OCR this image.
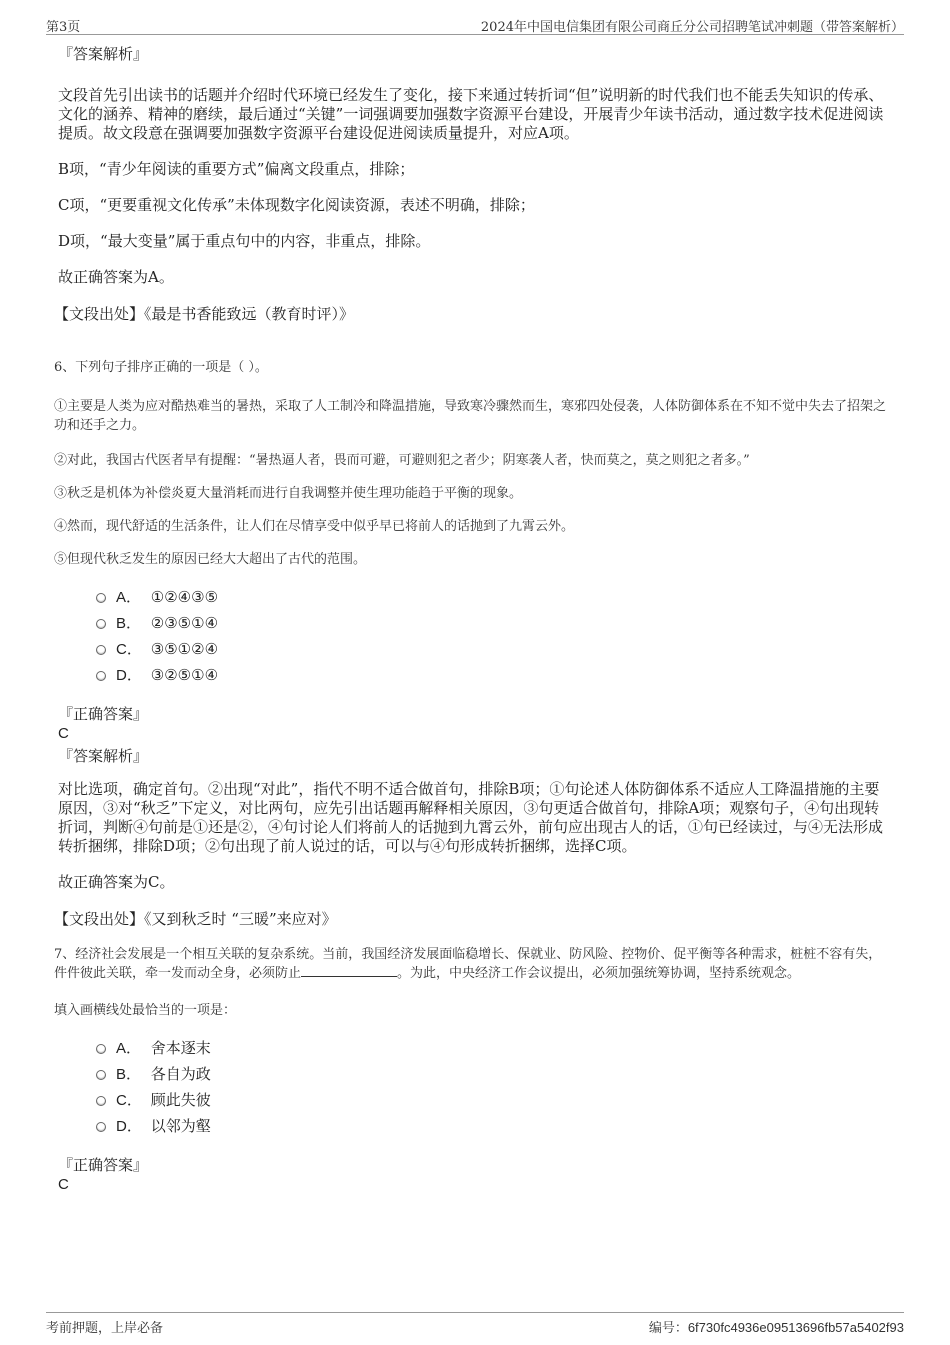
第3页	2024年中国电信集团有限公司商丘分公司招聘笔试冲刺题（带答案解析）
『答案解析』
文段首先引出读书的话题并介绍时代环境已经发生了变化，接下来通过转折词“但”说明新的时代我们也不能丢失知识的传承、文化的涵养、精神的磨续，最后通过“关键”一词强调要加强数字资源平台建设，开展青少年读书活动，通过数字技术促进阅读提质。故文段意在强调要加强数字资源平台建设促进阅读质量提升，对应A项。
B项，“青少年阅读的重要方式”偏离文段重点，排除；
C项，“更要重视文化传承”未体现数字化阅读资源，表述不明确，排除；
D项，“最大变量”属于重点句中的内容，非重点，排除。
故正确答案为A。
【文段出处】《最是书香能致远（教育时评）》
6、下列句子排序正确的一项是（ ）。
①主要是人类为应对酷热难当的暑热，采取了人工制冷和降温措施，导致寒冷骤然而生，寒邪四处侵袭，人体防御体系在不知不觉中失去了招架之功和还手之力。
②对此，我国古代医者早有提醒：“暑热逼人者，畏而可避，可避则犯之者少；阴寒袭人者，快而莫之，莫之则犯之者多。”
③秋乏是机体为补偿炎夏大量消耗而进行自我调整并使生理功能趋于平衡的现象。
④然而，现代舒适的生活条件，让人们在尽情享受中似乎早已将前人的话抛到了九霄云外。
⑤但现代秋乏发生的原因已经大大超出了古代的范围。
A． ①②④③⑤
B． ②③⑤①④
C． ③⑤①②④
D． ③②⑤①④
『正确答案』
C
『答案解析』
对比选项，确定首句。②出现“对此”，指代不明不适合做首句，排除B项；①句论述人体防御体系不适应人工降温措施的主要原因，③对“秋乏”下定义，对比两句，应先引出话题再解释相关原因，③句更适合做首句，排除A项；观察句子，④句出现转折词，判断④句前是①还是②，④句讨论人们将前人的话抛到九霄云外，前句应出现古人的话，①句已经读过，与④无法形成转折捆绑，排除D项；②句出现了前人说过的话，可以与④句形成转折捆绑，选择C项。
故正确答案为C。
【文段出处】《又到秋乏时 “三暖”来应对》
7、经济社会发展是一个相互关联的复杂系统。当前，我国经济发展面临稳增长、保就业、防风险、控物价、促平衡等各种需求，桩桩不容有失，件件彼此关联，牵一发而动全身，必须防止	。为此，中央经济工作会议提出，必须加强统筹协调，坚持系统观念。
填入画横线处最恰当的一项是：
A． 舍本逐末
B． 各自为政
C． 顾此失彼
D． 以邻为壑
『正确答案』
C
考前押题，上岸必备	编号：6f730fc4936e09513696fb57a5402f93
